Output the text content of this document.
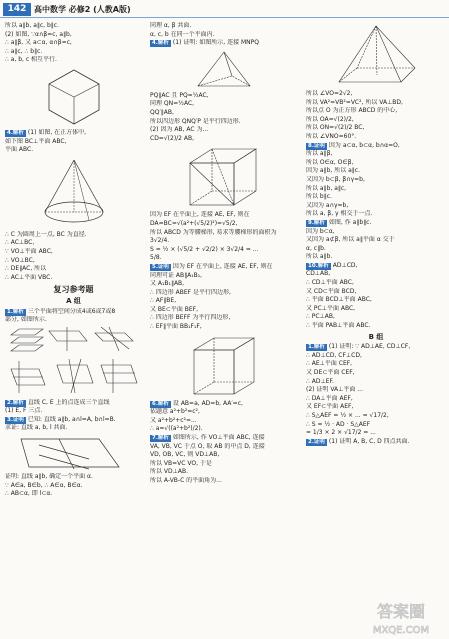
142 高中数学 必修2 (人教A版)

所以 a∥b, a∥c, b∥c.

(2) 如图, ∵α∩β=c, a∥b,

∴ a∥β, 又 a⊂α, α∩β=c,

∴ a∥c, ∴ b∥c.

∴ a, b, c 相互平行.

4.解析 (1) 如图, 在正方体中,

如下图 BC⊥平面 ABC,

平面 ABC.

∴ C 为圆周上一点, BC 为直径.

∴ AC⊥BC,

∵ VO⊥平面 ABC,

∴ VO⊥BC,

∴ DE∥AC, 所以

∴ AC⊥平面 VBC.

复习参考题
A 组

1.解析 三个平面将空间分成4或6或7或8

部分, 如图所示.

2.解析 直线 C, E 上的点连成三个直线

(1) E, F 三点.

3.证明 已知: 直线 a∥b, a∩l=A, b∩l=B.

求证: 直线 a, b, l 共面.

证明: 直线 a∥b, 确定一个平面 α.

∵ A∈a, B∈b, ∴ A∈α, B∈α.

∴ AB⊂α, 即 l⊂α.

同理 α, β 共面.

α, c, b 在同一个平面内.

4.解析 (1) 证明: 如图所示, 连接 MNPQ

PQ∥AC 且 PQ=½AC,

同理 QN=½AC,

QQ′∥AB,

所以四边形 QNQ′P 是平行四边形.

(2) 因为 AB, AC 为...

CD=√(2)/2 AB,

因为 EF 在平面上, 连接 AE, EF, 则在

DA=BC=√(a²+(√5/2)²)=√5/2,

所以 ABCD 为等腰梯形, 易求等腰梯形的面积为

3√2/4.

S = ½ × (√5/2 + √2/2) × 3√2/4 = ...

5/8.

5.证明 因为 EF 在平面上, 连接 AE, EF, 则在

同理可证 AB∥A₁B₁,

又 A₁B₁∥AB,

∴ 四边形 ABEF 是平行四边形,

∴ AF∥BE,

又 BE⊂平面 BEF,

∴ 四边形 BEFF 为平行四边形,

∴ EF∥平面 BB₁F₁F,

6.解析 设 AB=a, AD=b, AA′=c,

依题意 a²+b²=c²,

又 a²+b²+c²=...

∴ a=√((a²+b²)/2).

7.解析 如图所示, 作 VO⊥平面 ABC, 连接

VA, VB, VC 于点 O, 取 AB 的中点 D, 连接

VD, OB, VC, 则 VD⊥AB,

所以 VB=VC VO, 于是

所以 VD⊥AB.

所以 A-VB-C 的平面角为...

所以 ∠VO=2√2,

所以 VA²=VB²=VC², 所以 VA⊥BD,

所以点 O 为正方形 ABCD 的中心,

所以 OA=√(2)/2,

所以 ON=√(2)/2 BC,

所以 ∠VNO=60°.

8.证明 因为 a⊂α, b⊂α, b∩α=O,

所以 a∥β,

所以 O∈α, O∈β,

因为 a∥b, 所以 a∥c.

又因为 b⊂β, β∩γ=b,

所以 a∥b, a∥c,

所以 b∥c.

又因为 a∩γ=b,

所以 a, β, γ 相交于一点.

9.解析 如图, 作 a∥b∥c.

因为 b⊂α,

又因为 a⊄β, 所以 a∥平面 α 交于

α, c∥b.

所以 a∥b.

10.解析 AD⊥CD,

CD⊥AB,

∴ CD⊥平面 ABC,

又 CD⊂平面 BCD,

∴ 平面 BCD⊥平面 ABC,

又 PC⊥平面 ABC,

∴ PC⊥AB,

∴ 平面 PAB⊥平面 ABC.

B 组

1.解析 (1) 证明: ∵ AD⊥AE, CD⊥CF,

∴ AD⊥CD, CF⊥CD,

∴ AE⊥平面 CEF,

又 DE⊂平面 CEF,

∴ AD⊥EF.

(2) 证明 VA⊥平面 ...

∴ DA⊥平面 AEF,

又 EF⊂平面 AEF,

∴ S△AEF = ½ × ... = √17/2,

∴ S = ½ · AD · S△AEF

= 1/3 × 2 × √17/2 = ...

2.证明 (1) 证明 A, B, C, D 四点共面.

答案圈
MXQE.COM
